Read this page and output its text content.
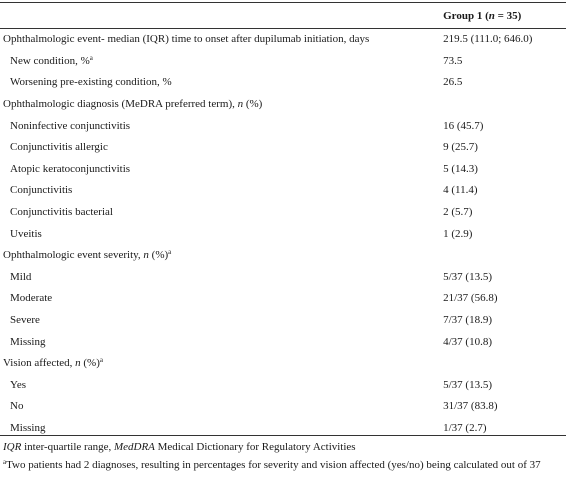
	Group 1 (n = 35)
Ophthalmologic event- median (IQR) time to onset after dupilumab initiation, days	219.5 (111.0; 646.0)
New condition, %$^a$	73.5
Worsening pre-existing condition, %	26.5
Ophthalmologic diagnosis (MeDRA preferred term), n (%)	
Noninfective conjunctivitis	16 (45.7)
Conjunctivitis allergic	9 (25.7)
Atopic keratoconjunctivitis	5 (14.3)
Conjunctivitis	4 (11.4)
Conjunctivitis bacterial	2 (5.7)
Uveitis	1 (2.9)
Ophthalmologic event severity, n (%)$^a$	
Mild	5/37 (13.5)
Moderate	21/37 (56.8)
Severe	7/37 (18.9)
Missing	4/37 (10.8)
Vision affected, n (%)$^a$	
Yes	5/37 (13.5)
No	31/37 (83.8)
Missing	1/37 (2.7)
IQR inter-quartile range, MedDRA Medical Dictionary for Regulatory Activities
$^a$Two patients had 2 diagnoses, resulting in percentages for severity and vision affected (yes/no) being calculated out of 37
